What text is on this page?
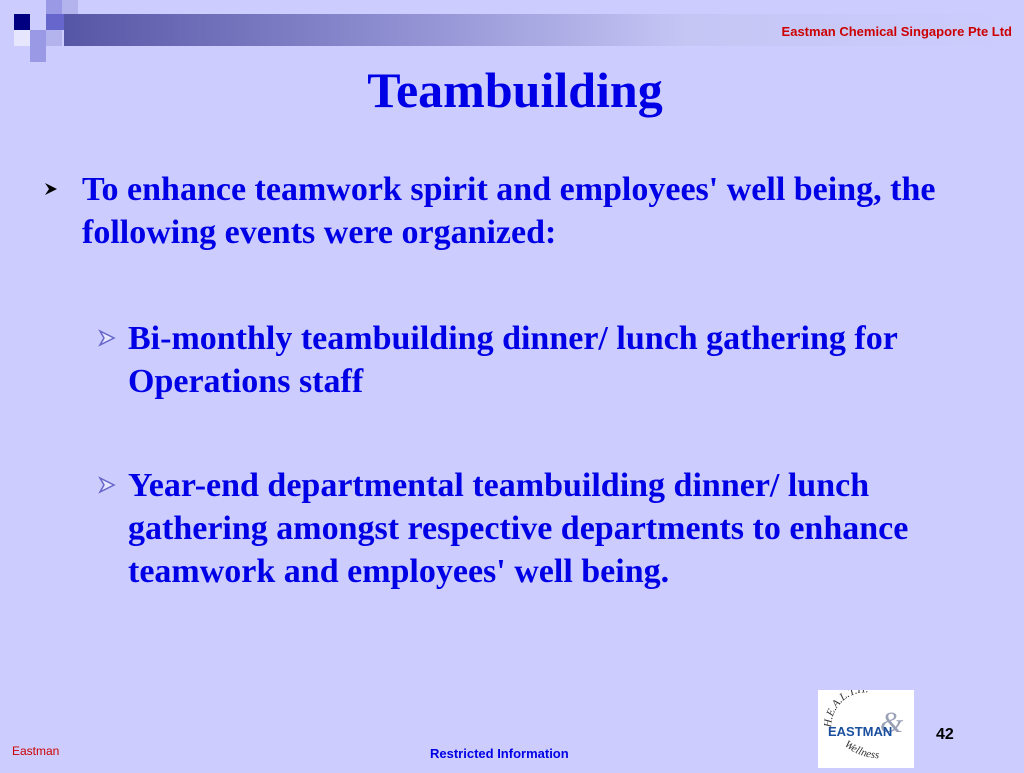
Eastman Chemical Singapore Pte Ltd
Teambuilding
To enhance teamwork spirit and employees' well being, the following events were organized:
Bi-monthly teambuilding dinner/ lunch gathering for Operations staff
Year-end departmental teambuilding dinner/ lunch gathering amongst respective departments to enhance teamwork and employees' well being.
H.E.A.L.T.
&
EASTMAN
Wellness
42
Eastman	Restricted Information
